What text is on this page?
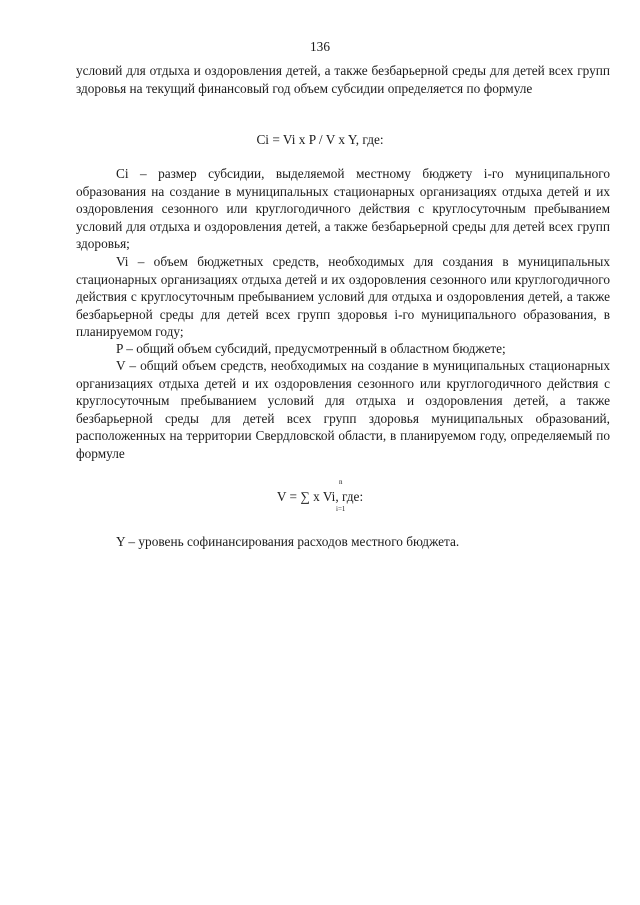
136

условий для отдыха и оздоровления детей, а также безбарьерной среды для детей всех групп здоровья на текущий финансовый год объем субсидии определяется по формуле

Ci = Vi x P / V x Y, где:

Ci – размер субсидии, выделяемой местному бюджету i-го муниципального образования на создание в муниципальных стационарных организациях отдыха детей и их оздоровления сезонного или круглогодичного действия с круглосуточным пребыванием условий для отдыха и оздоровления детей, а также безбарьерной среды для детей всех групп здоровья;

Vi – объем бюджетных средств, необходимых для создания в муниципальных стационарных организациях отдыха детей и их оздоровления сезонного или круглогодичного действия с круглосуточным пребыванием условий для отдыха и оздоровления детей, а также безбарьерной среды для детей всех групп здоровья i-го муниципального образования, в планируемом году;

P – общий объем субсидий, предусмотренный в областном бюджете;

V – общий объем средств, необходимых на создание в муниципальных стационарных организациях отдыха детей и их оздоровления сезонного или круглогодичного действия с круглосуточным пребыванием условий для отдыха и оздоровления детей, а также безбарьерной среды для детей всех групп здоровья муниципальных образований, расположенных на территории Свердловской области, в планируемом году, определяемый по формуле

n
V = ∑ x Vi, где:
i=1

Y – уровень софинансирования расходов местного бюджета.
